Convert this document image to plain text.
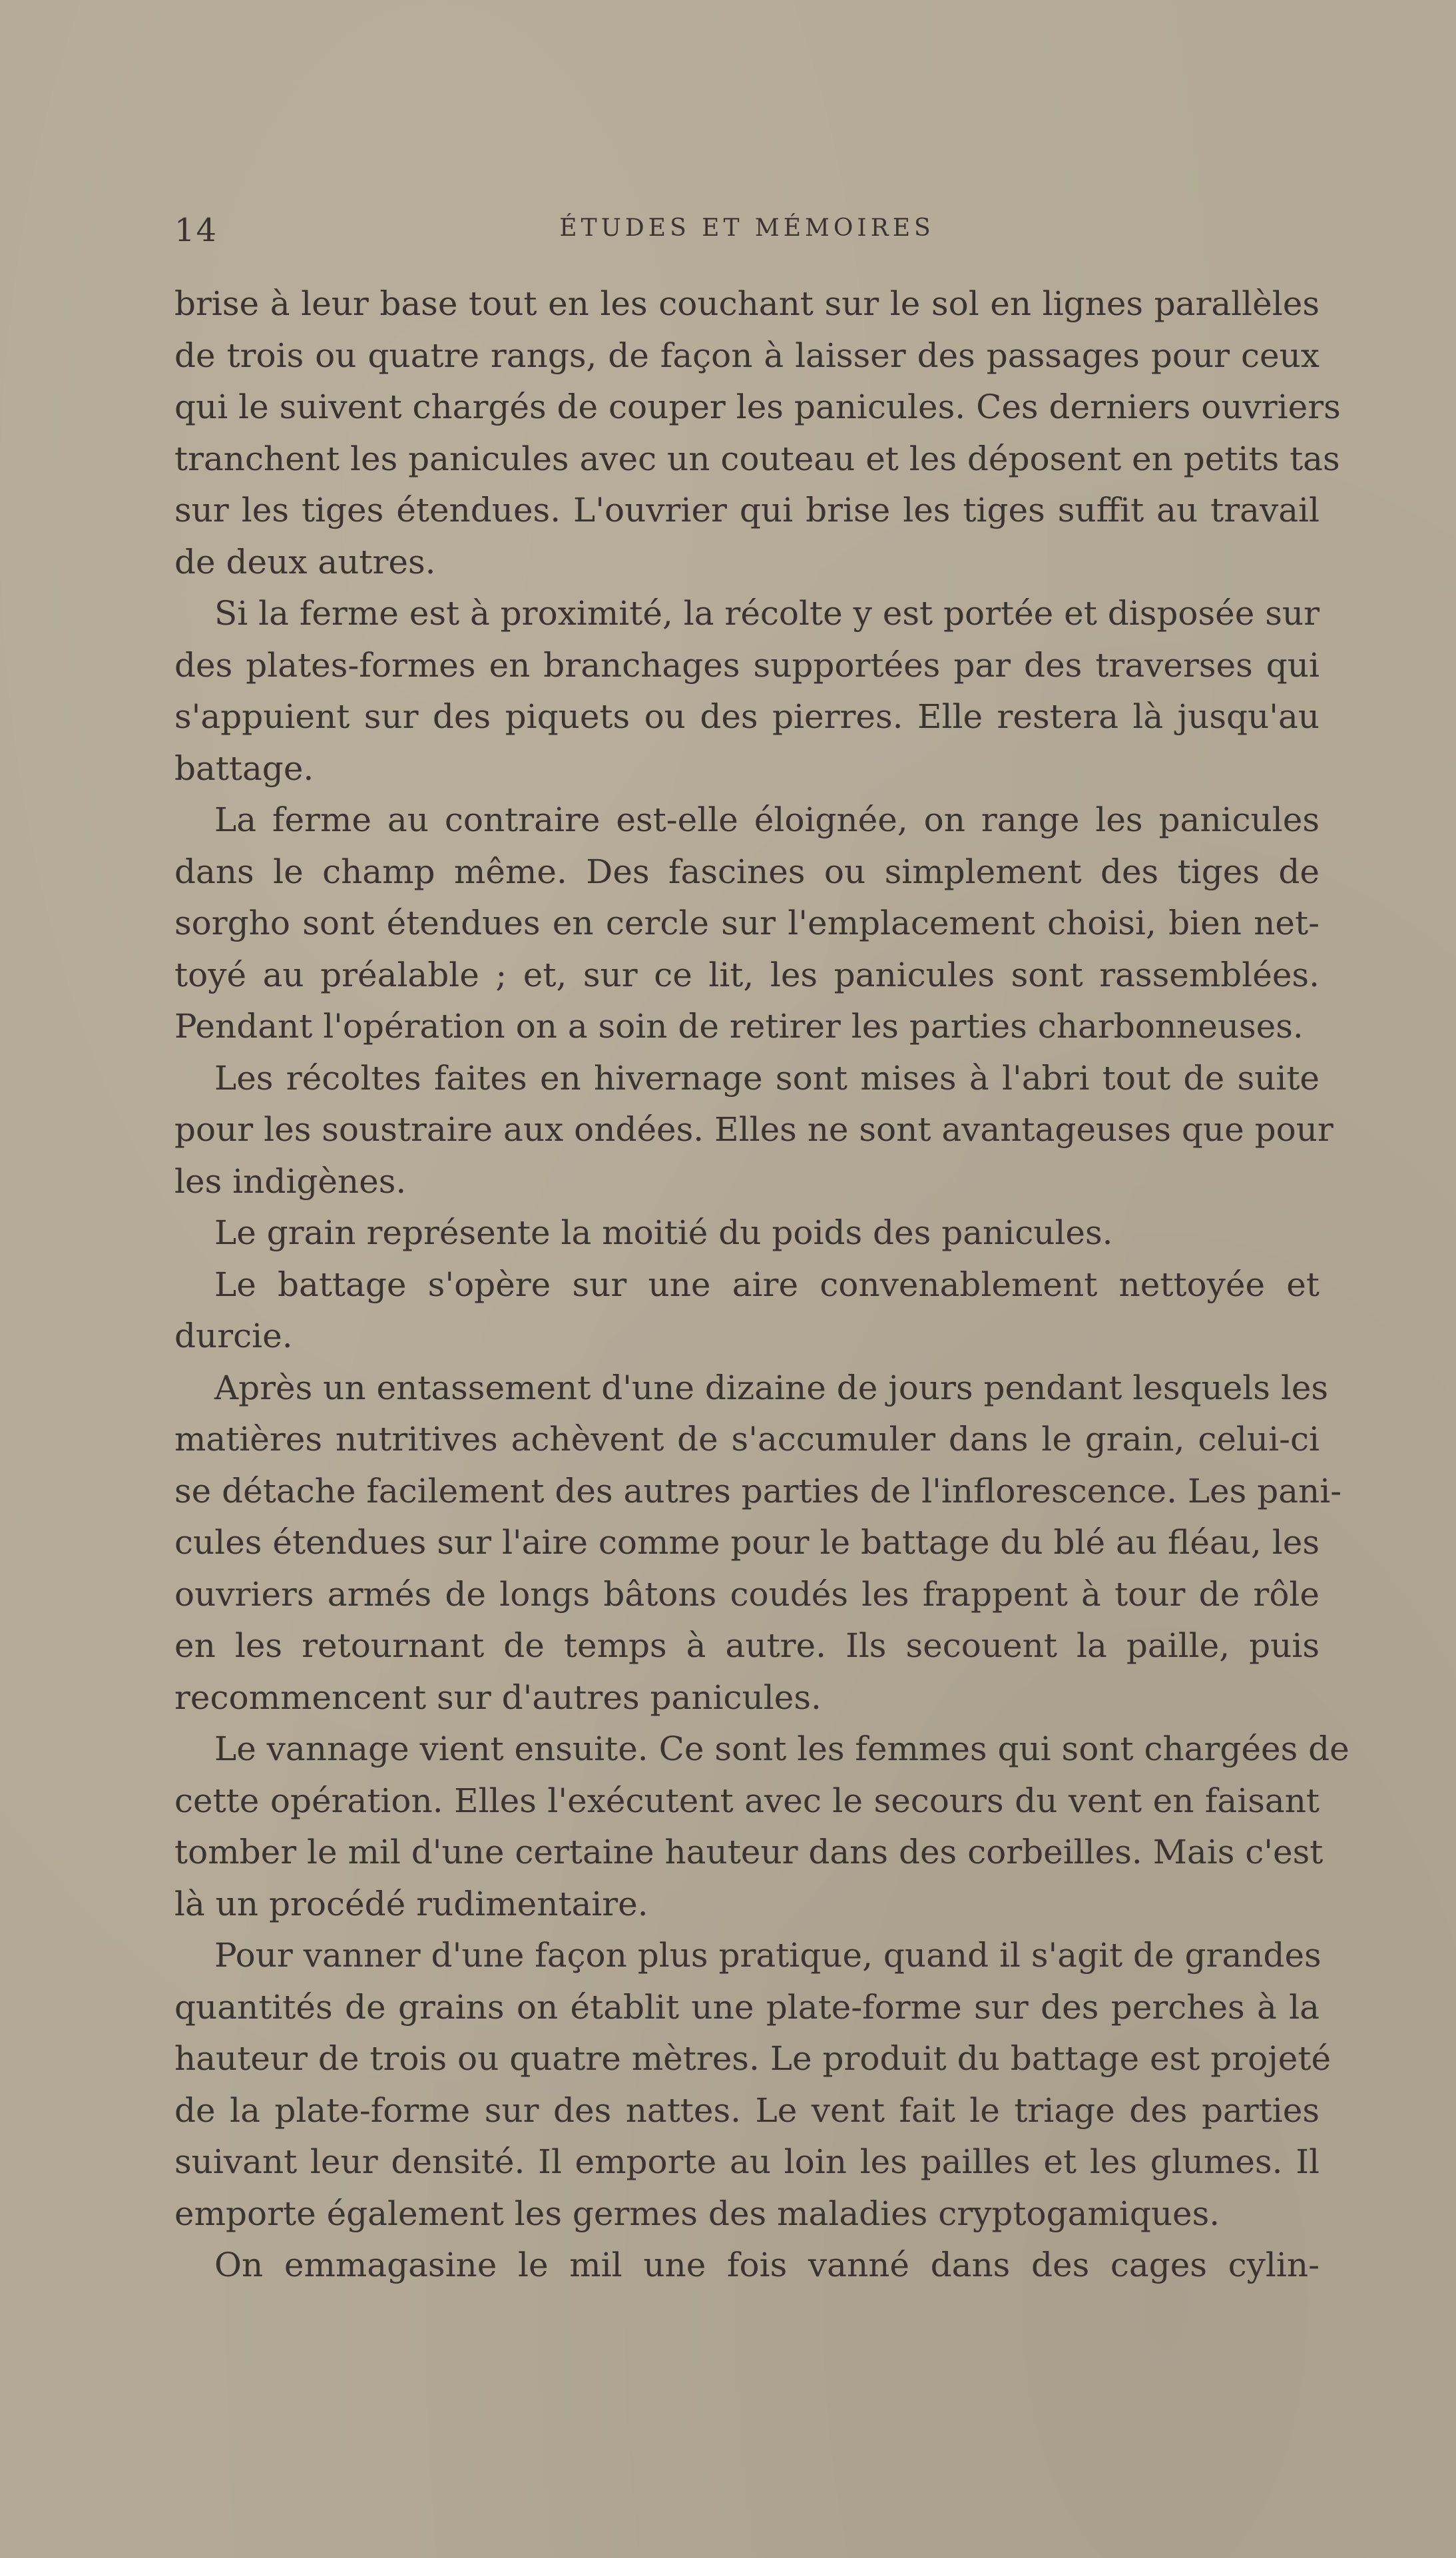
14	ÉTUDES ET MÉMOIRES
brise à leur base tout en les couchant sur le sol en lignes parallèles
de trois ou quatre rangs, de façon à laisser des passages pour ceux
qui le suivent chargés de couper les panicules. Ces derniers ouvriers
tranchent les panicules avec un couteau et les déposent en petits tas
sur les tiges étendues. L'ouvrier qui brise les tiges suffit au travail
de deux autres.
Si la ferme est à proximité, la récolte y est portée et disposée sur
des plates-formes en branchages supportées par des traverses qui
s'appuient sur des piquets ou des pierres. Elle restera là jusqu'au
battage.
La ferme au contraire est-elle éloignée, on range les panicules
dans le champ même. Des fascines ou simplement des tiges de
sorgho sont étendues en cercle sur l'emplacement choisi, bien net-
toyé au préalable ; et, sur ce lit, les panicules sont rassemblées.
Pendant l'opération on a soin de retirer les parties charbonneuses.
Les récoltes faites en hivernage sont mises à l'abri tout de suite
pour les soustraire aux ondées. Elles ne sont avantageuses que pour
les indigènes.
Le grain représente la moitié du poids des panicules.
Le battage s'opère sur une aire convenablement nettoyée et
durcie.
Après un entassement d'une dizaine de jours pendant lesquels les
matières nutritives achèvent de s'accumuler dans le grain, celui-ci
se détache facilement des autres parties de l'inflorescence. Les pani-
cules étendues sur l'aire comme pour le battage du blé au fléau, les
ouvriers armés de longs bâtons coudés les frappent à tour de rôle
en les retournant de temps à autre. Ils secouent la paille, puis
recommencent sur d'autres panicules.
Le vannage vient ensuite. Ce sont les femmes qui sont chargées de
cette opération. Elles l'exécutent avec le secours du vent en faisant
tomber le mil d'une certaine hauteur dans des corbeilles. Mais c'est
là un procédé rudimentaire.
Pour vanner d'une façon plus pratique, quand il s'agit de grandes
quantités de grains on établit une plate-forme sur des perches à la
hauteur de trois ou quatre mètres. Le produit du battage est projeté
de la plate-forme sur des nattes. Le vent fait le triage des parties
suivant leur densité. Il emporte au loin les pailles et les glumes. Il
emporte également les germes des maladies cryptogamiques.
On emmagasine le mil une fois vanné dans des cages cylin-
